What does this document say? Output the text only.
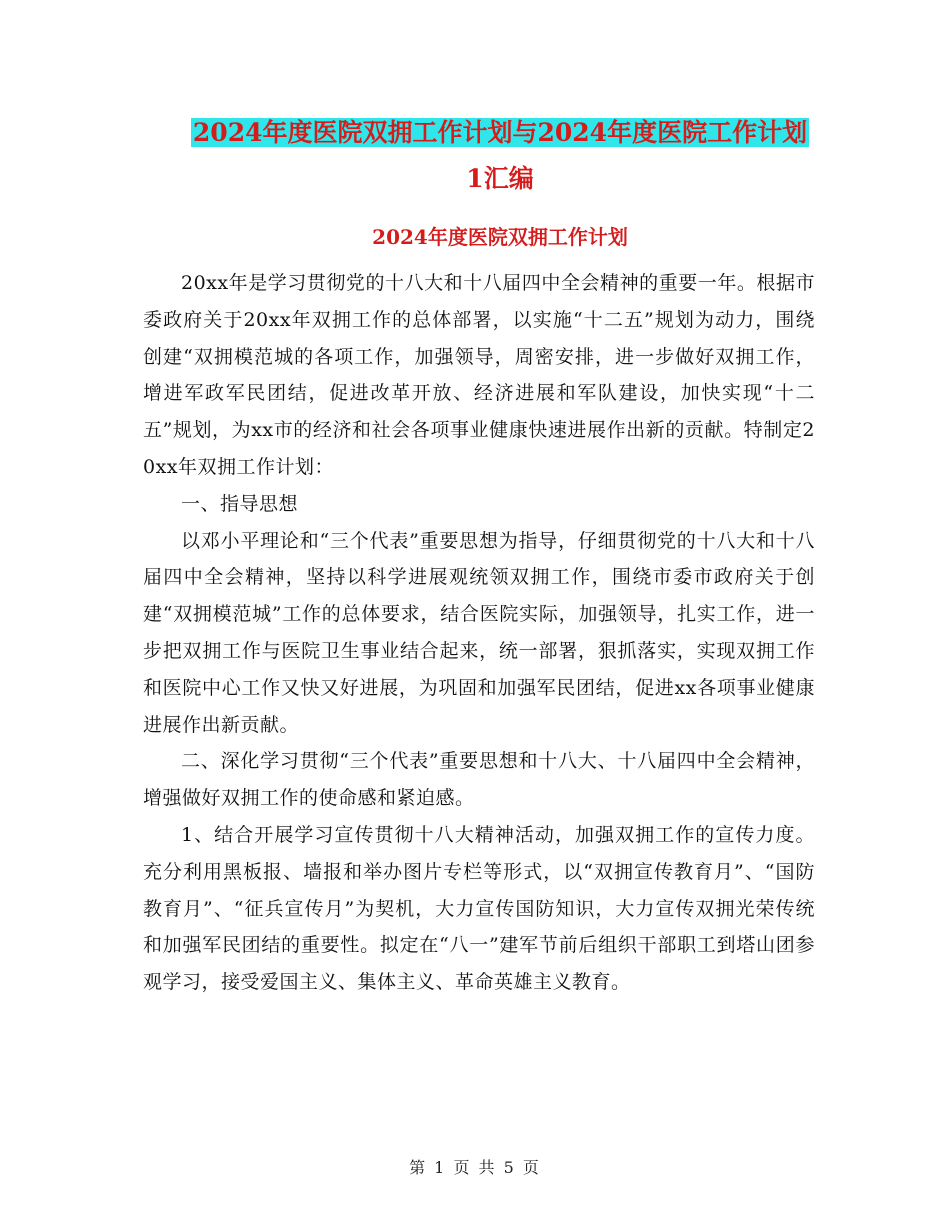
2024年度医院双拥工作计划与2024年度医院工作计划
1汇编
2024年度医院双拥工作计划

20xx年是学习贯彻党的十八大和十八届四中全会精神的重要一年。根据市委政府关于20xx年双拥工作的总体部署，以实施“十二五”规划为动力，围绕创建“双拥模范城的各项工作，加强领导，周密安排，进一步做好双拥工作，增进军政军民团结，促进改革开放、经济进展和军队建设，加快实现“十二五”规划，为xx市的经济和社会各项事业健康快速进展作出新的贡献。特制定20xx年双拥工作计划：

一、指导思想

以邓小平理论和“三个代表”重要思想为指导，仔细贯彻党的十八大和十八届四中全会精神，坚持以科学进展观统领双拥工作，围绕市委市政府关于创建“双拥模范城”工作的总体要求，结合医院实际，加强领导，扎实工作，进一步把双拥工作与医院卫生事业结合起来，统一部署，狠抓落实，实现双拥工作和医院中心工作又快又好进展，为巩固和加强军民团结，促进xx各项事业健康进展作出新贡献。

二、深化学习贯彻“三个代表”重要思想和十八大、十八届四中全会精神，增强做好双拥工作的使命感和紧迫感。

1、结合开展学习宣传贯彻十八大精神活动，加强双拥工作的宣传力度。充分利用黑板报、墙报和举办图片专栏等形式，以“双拥宣传教育月”、“国防教育月”、“征兵宣传月”为契机，大力宣传国防知识，大力宣传双拥光荣传统和加强军民团结的重要性。拟定在“八一”建军节前后组织干部职工到塔山团参观学习，接受爱国主义、集体主义、革命英雄主义教育。

第 1 页 共 5 页
